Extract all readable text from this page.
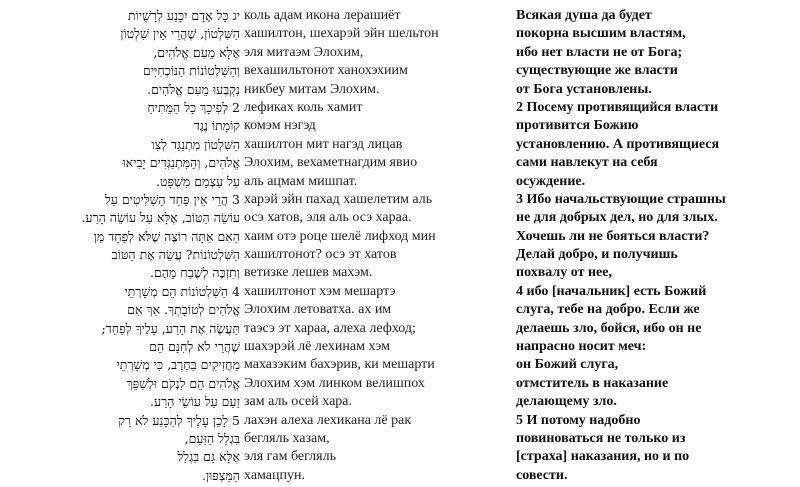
יג כָּל אָדָם יִכָּנַע לְרָשֻׁיוֹת
הַשִּׁלְטוֹן, שֶׁהֲרֵי אֵין שִׁלְטוֹן
אֶלָּא מֵעִם אֱלֹהִים,
וְהַשִּׁלְטוֹנוֹת הַנּוֹכְחִיִּים
נִקְבְּעוּ מֵעִם אֱלֹהִים.
2 לְפִיכָךְ כָּל הַמֵּתִיחַ
קוֹמָתוֹ נֶגֶד
הַשִּׁלְטוֹן מִתְנַגֵּד לְצַו
אֱלֹהִים, וְהַמִּתְנַגְּדִים יָבִיאוּ
עַל עַצְמָם מִשְׁפָּט.
3 הֲרֵי אֵין פַּחַד הַשַּׁלִּיטִים עַל
עוֹשֵׂה הַטּוֹב, אֶלָּא עַל עוֹשֵׂה הָרַע.
הַאִם אַתָּה רוֹצֶה שֶׁלֹּא לְפַחֵד מִן
הַשִּׁלְטוֹנוֹת? עֲשֵׂה אֶת הַטּוֹב
וְתִזְכֶּה לְשֶׁבַח מֵהֶם.
4 הַשִּׁלְטוֹנוֹת הֵם מְשָׁרְתֵי
אֱלֹהִים לְטוֹבָתְךָ. אַךְ אִם
תַּעֲשֶׂה אֶת הָרַע, עָלֶיךָ לְפַחֵד;
שֶׁהֲרֵי לֹא לְחִנָּם הֵם
מַחֲזִיקִים בַּחֶרֶב, כִּי מְשָׁרְתֵי
אֱלֹהִים הֵם לִנְקֹם וּלְשַׁפֵּךְ
זַעַם עַל עוֹשֵׂי הָרַע.
5 לָכֵן עָלֶיךָ לְהִכָּנַע לֹא רַק
בִּגְלַל הַזַּעַם,
אֶלָּא גַּם בִּגְלַל
הַמַּצְפּוּן.
коль адам икона лерашиёт
хашилтон, шехарэй эйн шельтон
эля митаэм Элохим,
вехашильтонот ханохэхиим
никбеу митам Элохим.
лефиках коль хамит
комэм нэгэд
хашилтон мит нагэд лицав
Элохим, вехаметнагдим явио
аль ацмам мишпат.
харэй эйн пахад хашелетим аль
осэ хатов, эля аль осэ хараа.
хаим отэ роце шелё лифход мин
хашилтонот? осэ эт хатов
ветизке лешев махэм.
хашилтонот хэм мешартэ
Элохим летоватха. ах им
таэсэ эт хараа, алеха лефход;
шахэрэй лё лехинам хэм
махазэким бахэрив, ки мешарти
Элохим хэм линком велишпох
зам аль осей хара.
лахэн алеха лехикана лё рак
бегляль хазам,
эля гам бегляль
хамацпун.
Всякая душа да будет
покорна высшим властям,
ибо нет власти не от Бога;
существующие же власти
от Бога установлены.
2 Посему противящийся власти
противится Божию
установлению. А противящиеся
сами навлекут на себя
осуждение.
3 Ибо начальствующие страшны
не для добрых дел, но для злых.
Хочешь ли не бояться власти?
Делай добро, и получишь
похвалу от нее,
4 ибо [начальник] есть Божий
слуга, тебе на добро. Если же
делаешь зло, бойся, ибо он не
напрасно носит меч:
он Божий слуга,
отмститель в наказание
делающему зло.
5 И потому надобно
повиноваться не только из
[страха] наказания, но и по
совести.
